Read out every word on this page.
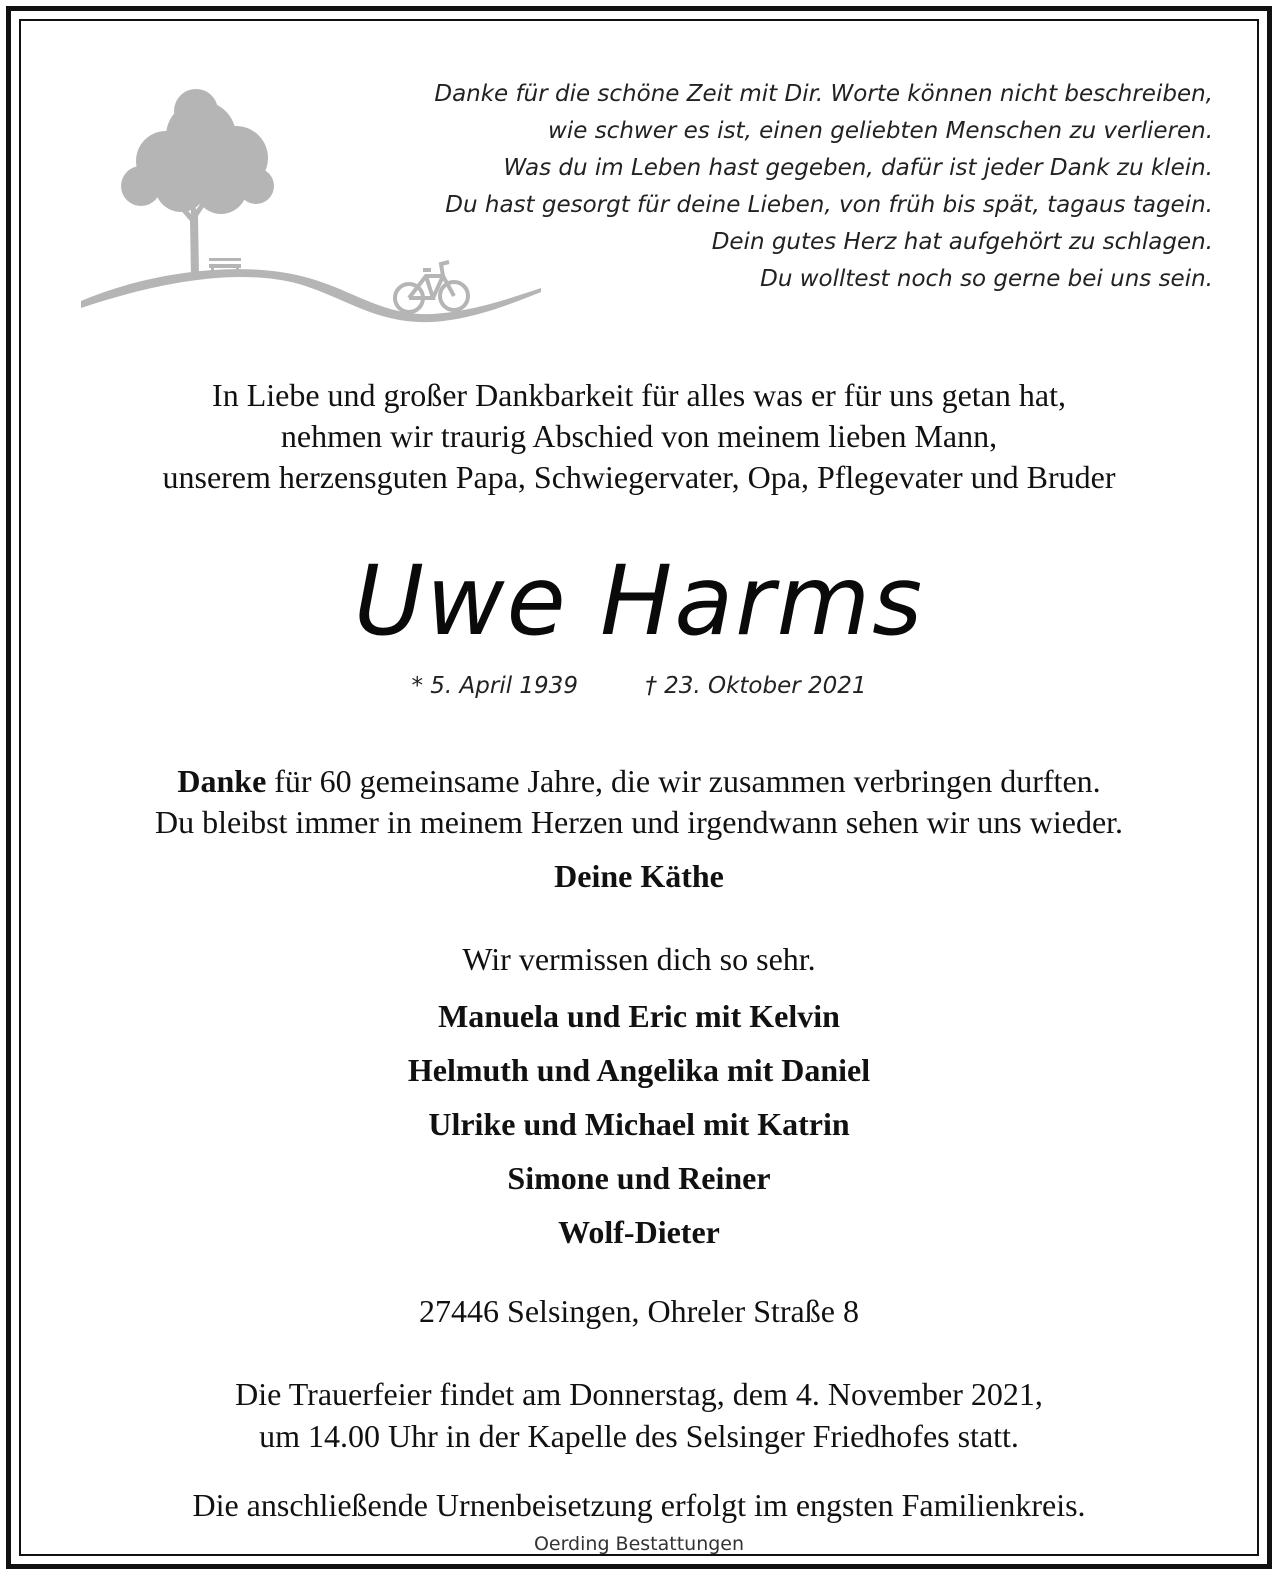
Danke für die schöne Zeit mit Dir. Worte können nicht beschreiben,
wie schwer es ist, einen geliebten Menschen zu verlieren.
Was du im Leben hast gegeben, dafür ist jeder Dank zu klein.
Du hast gesorgt für deine Lieben, von früh bis spät, tagaus tagein.
Dein gutes Herz hat aufgehört zu schlagen.
Du wolltest noch so gerne bei uns sein.
In Liebe und großer Dankbarkeit für alles was er für uns getan hat,
nehmen wir traurig Abschied von meinem lieben Mann,
unserem herzensguten Papa, Schwiegervater, Opa, Pflegevater und Bruder
Uwe Harms
* 5. April 1939	† 23. Oktober 2021
Danke für 60 gemeinsame Jahre, die wir zusammen verbringen durften.
Du bleibst immer in meinem Herzen und irgendwann sehen wir uns wieder.
Deine Käthe
Wir vermissen dich so sehr.
Manuela und Eric mit Kelvin
Helmuth und Angelika mit Daniel
Ulrike und Michael mit Katrin
Simone und Reiner
Wolf-Dieter
27446 Selsingen, Ohreler Straße 8
Die Trauerfeier findet am Donnerstag, dem 4. November 2021,
um 14.00 Uhr in der Kapelle des Selsinger Friedhofes statt.
Die anschließende Urnenbeisetzung erfolgt im engsten Familienkreis.
Oerding Bestattungen
